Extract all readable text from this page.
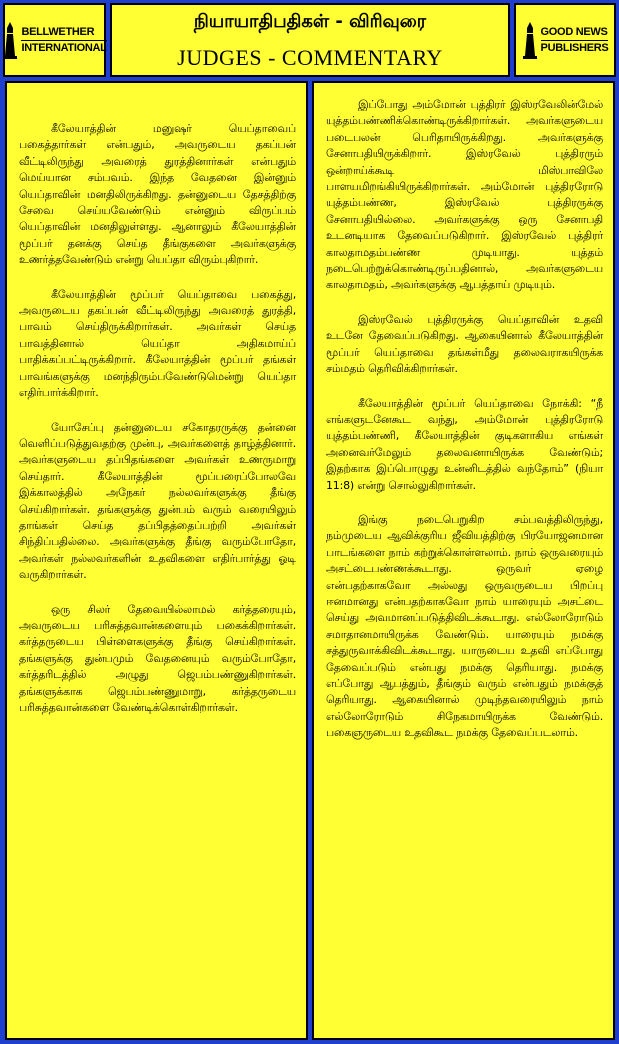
BELLWETHER
INTERNATIONAL
நியாயாதிபதிகள் - விரிவுரை
JUDGES - COMMENTARY
GOOD NEWS
PUBLISHERS

கீலேயாத்தின் மனுஷர் யெப்தாவைப் பகைத்தார்கள் என்பதும், அவருடைய தகப்பன் வீட்டிலிருந்து அவரைத் துரத்தினார்கள் என்பதும் மெய்யான சம்பவம். இந்த வேதனை இன்னும் யெப்தாவின் மனதிலிருக்கிறது. தன்னுடைய தேசத்திற்கு சேவை செய்யவேண்டும் என்னும் விருப்பம் யெப்தாவின் மனதிலுள்ளது. ஆனாலும் கீலேயாத்தின் மூப்பர் தனக்கு செய்த தீங்குகளை அவர்களுக்கு உணர்த்தவேண்டும் என்று யெப்தா விரும்புகிறார்.

கீலேயாத்தின் மூப்பர் யெப்தாவை பகைத்து, அவருடைய தகப்பன் வீட்டிலிருந்து அவரைத் துரத்தி, பாவம் செய்திருக்கிறார்கள். அவர்கள் செய்த பாவத்தினால் யெப்தா அதிகமாய்ப் பாதிக்கப்பட்டிருக்கிறார். கீலேயாத்தின் மூப்பர் தங்கள் பாவங்களுக்கு மனந்திரும்பவேண்டுமென்று யெப்தா எதிர்பார்க்கிறார்.

யோசேப்பு தன்னுடைய சகோதரருக்கு தன்னை வெளிப்படுத்துவதற்கு முன்பு, அவர்களைத் தாழ்த்தினார். அவர்களுடைய தப்பிதங்களை அவர்கள் உணருமாறு செய்தார். கீலேயாத்தின் மூப்பரைப்போலவே இக்காலத்தில் அநேகர் நல்லவர்களுக்கு தீங்கு செய்கிறார்கள். தங்களுக்கு துன்பம் வரும் வரையிலும் தாங்கள் செய்த தப்பிதத்தைப்பற்றி அவர்கள் சிந்திப்பதில்லை. அவர்களுக்கு தீங்கு வரும்போதோ, அவர்கள் நல்லவர்களின் உதவிகளை எதிர்பார்த்து ஓடி வருகிறார்கள்.

ஒரு சிலர் தேவையில்லாமல் கர்த்தரையும், அவருடைய பரிசுத்தவான்களையும் பகைக்கிறார்கள். கர்த்தருடைய பிள்ளைகளுக்கு தீங்கு செய்கிறார்கள். தங்களுக்கு துன்பமும் வேதனையும் வரும்போதோ, கர்த்தரிடத்தில் அழுது ஜெபம்பண்ணுகிறார்கள். தங்களுக்காக ஜெபம்பண்ணுமாறு, கர்த்தருடைய பரிசுத்தவான்களை வேண்டிக்கொள்கிறார்கள்.

இப்போது அம்மோன் புத்திரர் இஸ்ரவேலின்மேல் யுத்தம்பண்ணிக்கொண்டிருக்கிறார்கள். அவர்களுடைய படைபலன் பெரிதாயிருக்கிறது. அவர்களுக்கு சேனாபதியிருக்கிறார். இஸ்ரவேல் புத்திரரும் ஒன்றாய்க்கூடி மிஸ்பாவிலே பாளயமிறங்கியிருக்கிறார்கள். அம்மோன் புத்திரரோடு யுத்தம்பண்ண, இஸ்ரவேல் புத்திரருக்கு சேனாபதியில்லை. அவர்களுக்கு ஒரு சேனாபதி உடனடியாக தேவைப்படுகிறார். இஸ்ரவேல் புத்திரர் காலதாமதம்பண்ண முடியாது. யுத்தம் நடைபெற்றுக்கொண்டிருப்பதினால், அவர்களுடைய காலதாமதம், அவர்களுக்கு ஆபத்தாய் முடியும்.

இஸ்ரவேல் புத்திரருக்கு யெப்தாவின் உதவி உடனே தேவைப்படுகிறது. ஆகையினால் கீலேயாத்தின் மூப்பர் யெப்தாவை தங்கள்மீது தலைவராகயிருக்க சம்மதம் தெரிவிக்கிறார்கள்.

கீலேயாத்தின் மூப்பர் யெப்தாவை நோக்கி: “நீ எங்களுடனேகூட வந்து, அம்மோன் புத்திரரோடு யுத்தம்பண்ணி, கீலேயாத்தின் குடிகளாகிய எங்கள் அனைவர்மேலும் தலைவனாயிருக்க வேண்டும்; இதற்காக இப்பொழுது உன்னிடத்தில் வந்தோம்” (நியா 11:8) என்று சொல்லுகிறார்கள்.

இங்கு நடைபெறுகிற சம்பவத்திலிருந்து, நம்முடைய ஆவிக்குரிய ஜீவியத்திற்கு பிரயோஜனமான பாடங்களை நாம் கற்றுக்கொள்ளலாம். நாம் ஒருவரையும் அசட்டைபண்ணக்கூடாது. ஒருவர் ஏழை என்பதற்காகவோ அல்லது ஒருவருடைய பிறப்பு ஈனமானது என்பதற்காகவோ நாம் யாரையும் அசட்டை செய்து அவமானப்படுத்திவிடக்கூடாது. எல்லோரோடும் சமாதானமாயிருக்க வேண்டும். யாரையும் நமக்கு சத்துருவாக்கிவிடக்கூடாது. யாருடைய உதவி எப்போது தேவைப்படும் என்பது நமக்கு தெரியாது. நமக்கு எப்போது ஆபத்தும், தீங்கும் வரும் என்பதும் நமக்குத் தெரியாது. ஆகையினால் முடிந்தவரையிலும் நாம் எல்லோரோடும் சிநேகமாயிருக்க வேண்டும். பகைஞருடைய உதவிகூட நமக்கு தேவைப்படலாம்.
